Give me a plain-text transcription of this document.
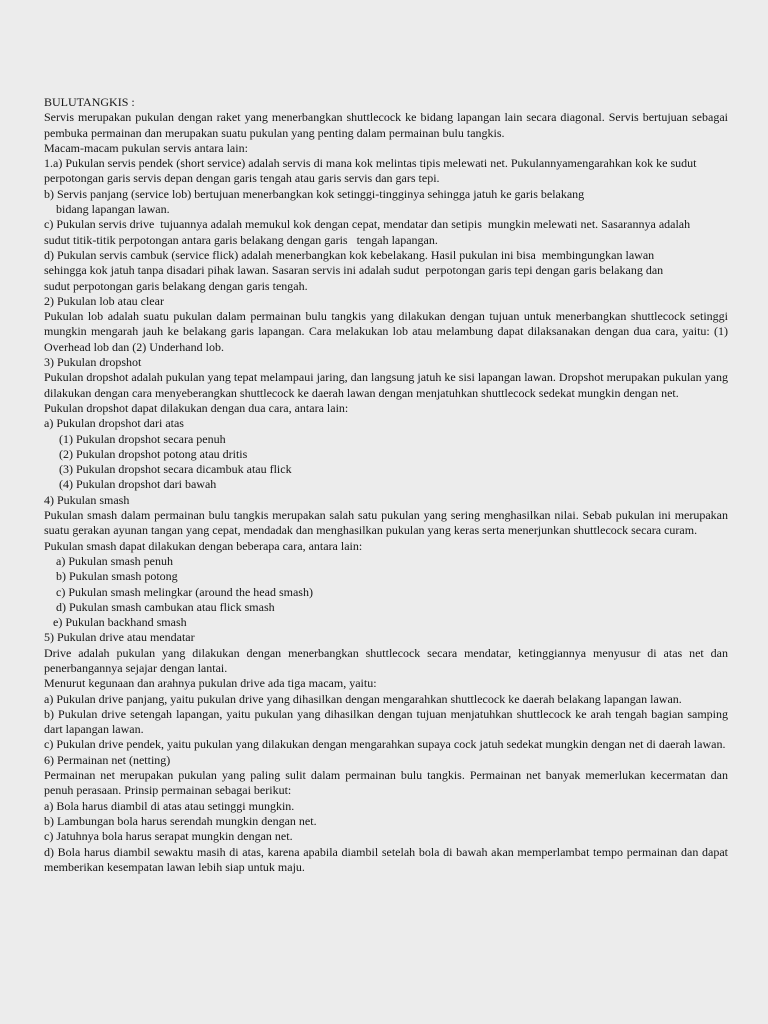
BULUTANGKIS :

Servis merupakan pukulan dengan raket yang menerbangkan shuttlecock ke bidang lapangan lain secara diagonal. Servis bertujuan sebagai pembuka permainan dan merupakan suatu pukulan yang penting dalam permainan bulu tangkis.

Macam-macam pukulan servis antara lain:

1.a) Pukulan servis pendek (short service) adalah servis di mana kok melintas tipis melewati net. Pukulannyamengarahkan kok ke sudut

perpotongan garis servis depan dengan garis tengah atau garis servis dan gars tepi.

b) Servis panjang (service lob) bertujuan menerbangkan kok setinggi-tingginya sehingga jatuh ke garis belakang

bidang lapangan lawan.

c) Pukulan servis drive  tujuannya adalah memukul kok dengan cepat, mendatar dan setipis  mungkin melewati net. Sasarannya adalah

sudut titik-titik perpotongan antara garis belakang dengan garis   tengah lapangan.

d) Pukulan servis cambuk (service flick) adalah menerbangkan kok kebelakang. Hasil pukulan ini bisa  membingungkan lawan

sehingga kok jatuh tanpa disadari pihak lawan. Sasaran servis ini adalah sudut  perpotongan garis tepi dengan garis belakang dan

sudut perpotongan garis belakang dengan garis tengah.

2) Pukulan lob atau clear

Pukulan lob adalah suatu pukulan dalam permainan bulu tangkis yang dilakukan dengan tujuan untuk menerbangkan shuttlecock setinggi mungkin mengarah jauh ke belakang garis lapangan. Cara melakukan lob atau melambung dapat dilaksanakan dengan dua cara, yaitu: (1) Overhead lob dan (2) Underhand lob.

3) Pukulan dropshot

Pukulan dropshot adalah pukulan yang tepat melampaui jaring, dan langsung jatuh ke sisi lapangan lawan. Dropshot merupakan pukulan yang dilakukan dengan cara menyeberangkan shuttlecock ke daerah lawan dengan menjatuhkan shuttlecock sedekat mungkin dengan net.

Pukulan dropshot dapat dilakukan dengan dua cara, antara lain:

a) Pukulan dropshot dari atas

(1) Pukulan dropshot secara penuh

(2) Pukulan dropshot potong atau dritis

(3) Pukulan dropshot secara dicambuk atau flick

(4) Pukulan dropshot dari bawah

4) Pukulan smash

Pukulan smash dalam permainan bulu tangkis merupakan salah satu pukulan yang sering menghasilkan nilai. Sebab pukulan ini merupakan suatu gerakan ayunan tangan yang cepat, mendadak dan menghasilkan pukulan yang keras serta menerjunkan shuttlecock secara curam.

Pukulan smash dapat dilakukan dengan beberapa cara, antara lain:

a) Pukulan smash penuh

b) Pukulan smash potong

c) Pukulan smash melingkar (around the head smash)

d) Pukulan smash cambukan atau flick smash

e) Pukulan backhand smash

5) Pukulan drive atau mendatar

Drive adalah pukulan yang dilakukan dengan menerbangkan shuttlecock secara mendatar, ketinggiannya menyusur di atas net dan penerbangannya sejajar dengan lantai.

Menurut kegunaan dan arahnya pukulan drive ada tiga macam, yaitu:

a) Pukulan drive panjang, yaitu pukulan drive yang dihasilkan dengan mengarahkan shuttlecock ke daerah belakang lapangan lawan.

b) Pukulan drive setengah lapangan, yaitu pukulan yang dihasilkan dengan tujuan menjatuhkan shuttlecock ke arah tengah bagian samping dart lapangan lawan.

c) Pukulan drive pendek, yaitu pukulan yang dilakukan dengan mengarahkan supaya cock jatuh sedekat mungkin dengan net di daerah lawan.

6) Permainan net (netting)

Permainan net merupakan pukulan yang paling sulit dalam permainan bulu tangkis. Permainan net banyak memerlukan kecermatan dan penuh perasaan. Prinsip permainan sebagai berikut:

a) Bola harus diambil di atas atau setinggi mungkin.

b) Lambungan bola harus serendah mungkin dengan net.

c) Jatuhnya bola harus serapat mungkin dengan net.

d) Bola harus diambil sewaktu masih di atas, karena apabila diambil setelah bola di bawah akan memperlambat tempo permainan dan dapat memberikan kesempatan lawan lebih siap untuk maju.
